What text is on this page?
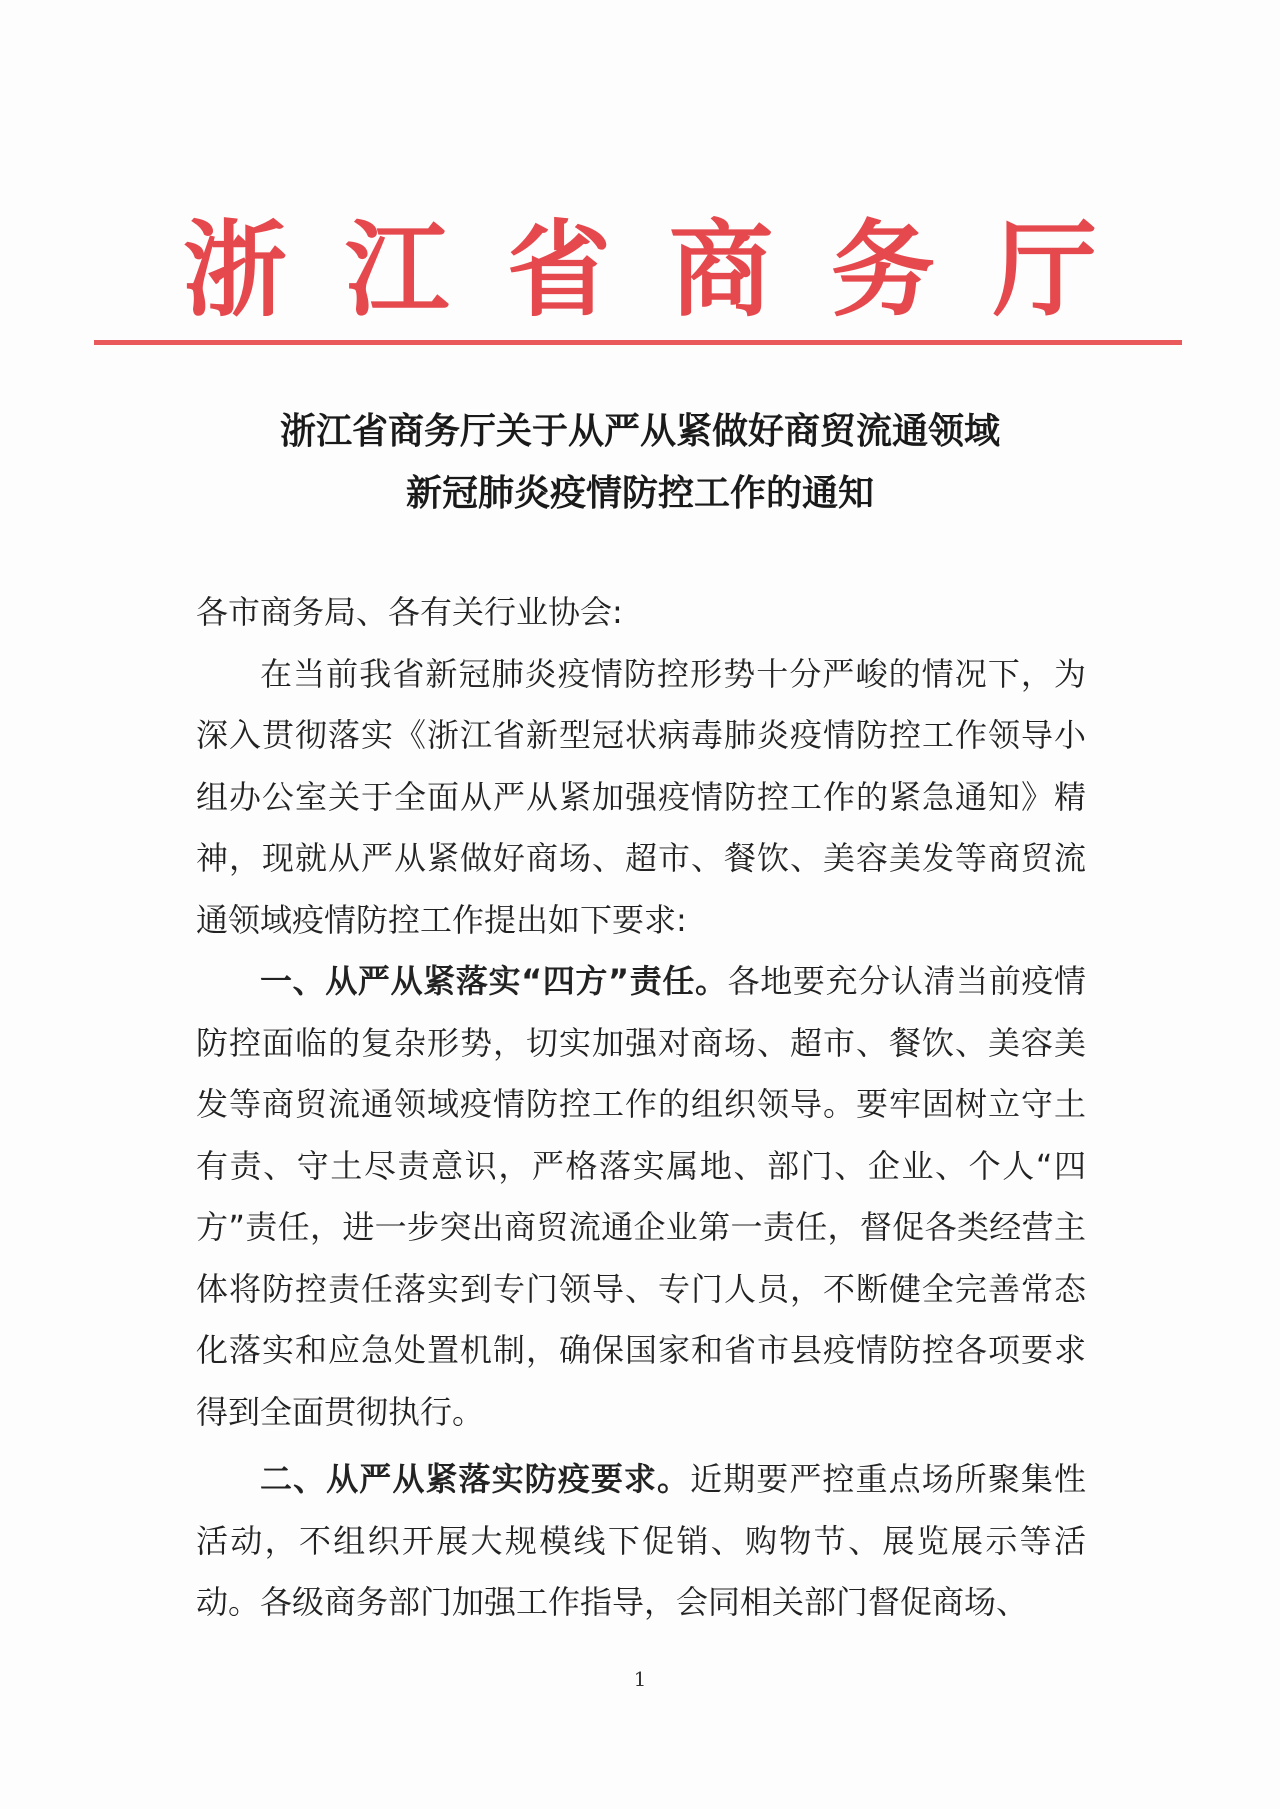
浙江省商务厅
浙江省商务厅关于从严从紧做好商贸流通领域
新冠肺炎疫情防控工作的通知

各市商务局、各有关行业协会:

在当前我省新冠肺炎疫情防控形势十分严峻的情况下，为深入贯彻落实《浙江省新型冠状病毒肺炎疫情防控工作领导小组办公室关于全面从严从紧加强疫情防控工作的紧急通知》精神，现就从严从紧做好商场、超市、餐饮、美容美发等商贸流通领域疫情防控工作提出如下要求:

一、从严从紧落实“四方”责任。各地要充分认清当前疫情防控面临的复杂形势，切实加强对商场、超市、餐饮、美容美发等商贸流通领域疫情防控工作的组织领导。要牢固树立守土有责、守土尽责意识，严格落实属地、部门、企业、个人“四方”责任，进一步突出商贸流通企业第一责任，督促各类经营主体将防控责任落实到专门领导、专门人员，不断健全完善常态化落实和应急处置机制，确保国家和省市县疫情防控各项要求得到全面贯彻执行。

二、从严从紧落实防疫要求。近期要严控重点场所聚集性活动，不组织开展大规模线下促销、购物节、展览展示等活动。各级商务部门加强工作指导，会同相关部门督促商场、

1
